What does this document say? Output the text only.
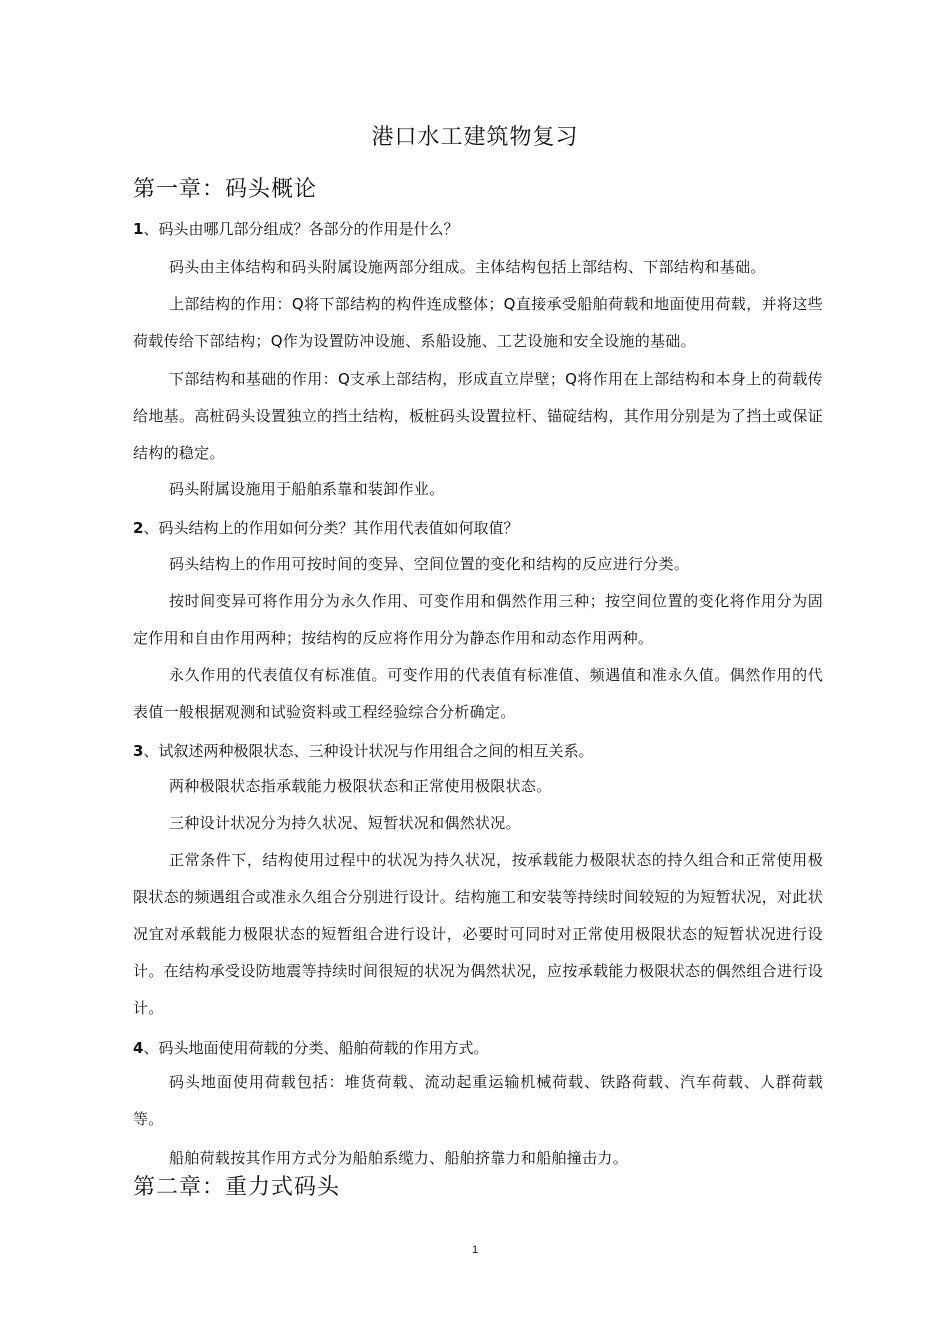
港口水工建筑物复习
第一章：码头概论
1、码头由哪几部分组成？各部分的作用是什么？
码头由主体结构和码头附属设施两部分组成。主体结构包括上部结构、下部结构和基础。
上部结构的作用：Q将下部结构的构件连成整体；Q直接承受船舶荷载和地面使用荷载，并将这些荷载传给下部结构；Q作为设置防冲设施、系船设施、工艺设施和安全设施的基础。
下部结构和基础的作用：Q支承上部结构，形成直立岸壁；Q将作用在上部结构和本身上的荷载传给地基。高桩码头设置独立的挡土结构，板桩码头设置拉杆、锚碇结构，其作用分别是为了挡土或保证结构的稳定。
码头附属设施用于船舶系靠和装卸作业。
2、码头结构上的作用如何分类？其作用代表值如何取值？
码头结构上的作用可按时间的变异、空间位置的变化和结构的反应进行分类。
按时间变异可将作用分为永久作用、可变作用和偶然作用三种；按空间位置的变化将作用分为固定作用和自由作用两种；按结构的反应将作用分为静态作用和动态作用两种。
永久作用的代表值仅有标准值。可变作用的代表值有标准值、频遇值和准永久值。偶然作用的代表值一般根据观测和试验资料或工程经验综合分析确定。
3、试叙述两种极限状态、三种设计状况与作用组合之间的相互关系。
两种极限状态指承载能力极限状态和正常使用极限状态。
三种设计状况分为持久状况、短暂状况和偶然状况。
正常条件下，结构使用过程中的状况为持久状况，按承载能力极限状态的持久组合和正常使用极限状态的频遇组合或准永久组合分别进行设计。结构施工和安装等持续时间较短的为短暂状况，对此状况宜对承载能力极限状态的短暂组合进行设计，必要时可同时对正常使用极限状态的短暂状况进行设计。在结构承受设防地震等持续时间很短的状况为偶然状况，应按承载能力极限状态的偶然组合进行设计。
4、码头地面使用荷载的分类、船舶荷载的作用方式。
码头地面使用荷载包括：堆货荷载、流动起重运输机械荷载、铁路荷载、汽车荷载、人群荷载等。
船舶荷载按其作用方式分为船舶系缆力、船舶挤靠力和船舶撞击力。
第二章：重力式码头
1
